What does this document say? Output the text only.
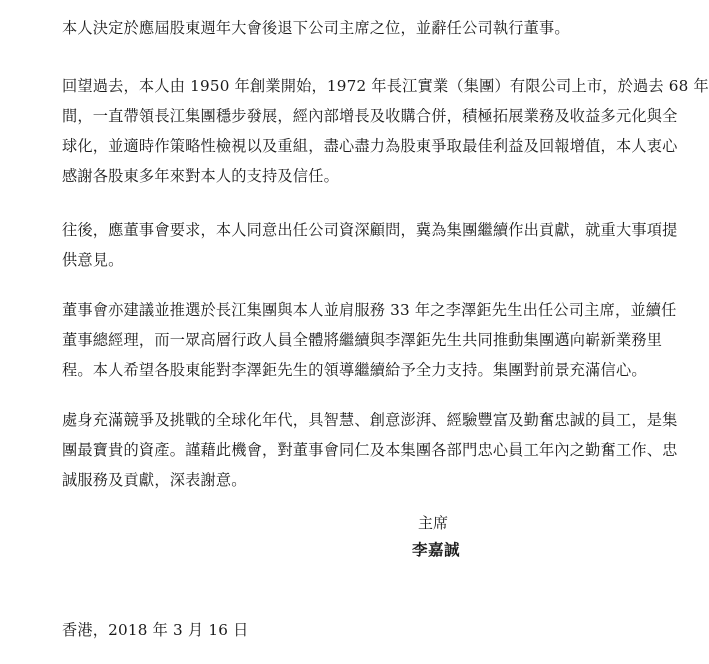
本人決定於應屆股東週年大會後退下公司主席之位，並辭任公司執行董事。

回望過去，本人由 1950 年創業開始，1972 年長江實業（集團）有限公司上市，於過去 68 年
間，一直帶領長江集團穩步發展，經內部增長及收購合併，積極拓展業務及收益多元化與全
球化，並適時作策略性檢視以及重組，盡心盡力為股東爭取最佳利益及回報增值，本人衷心
感謝各股東多年來對本人的支持及信任。

往後，應董事會要求，本人同意出任公司資深顧問，冀為集團繼續作出貢獻，就重大事項提
供意見。

董事會亦建議並推選於長江集團與本人並肩服務 33 年之李澤鉅先生出任公司主席，並續任
董事總經理，而一眾高層行政人員全體將繼續與李澤鉅先生共同推動集團邁向嶄新業務里
程。本人希望各股東能對李澤鉅先生的領導繼續給予全力支持。集團對前景充滿信心。

處身充滿競爭及挑戰的全球化年代，具智慧、創意澎湃、經驗豐富及勤奮忠誠的員工，是集
團最寶貴的資產。謹藉此機會，對董事會同仁及本集團各部門忠心員工年內之勤奮工作、忠
誠服務及貢獻，深表謝意。

主席
李嘉誠
香港，2018 年 3 月 16 日
